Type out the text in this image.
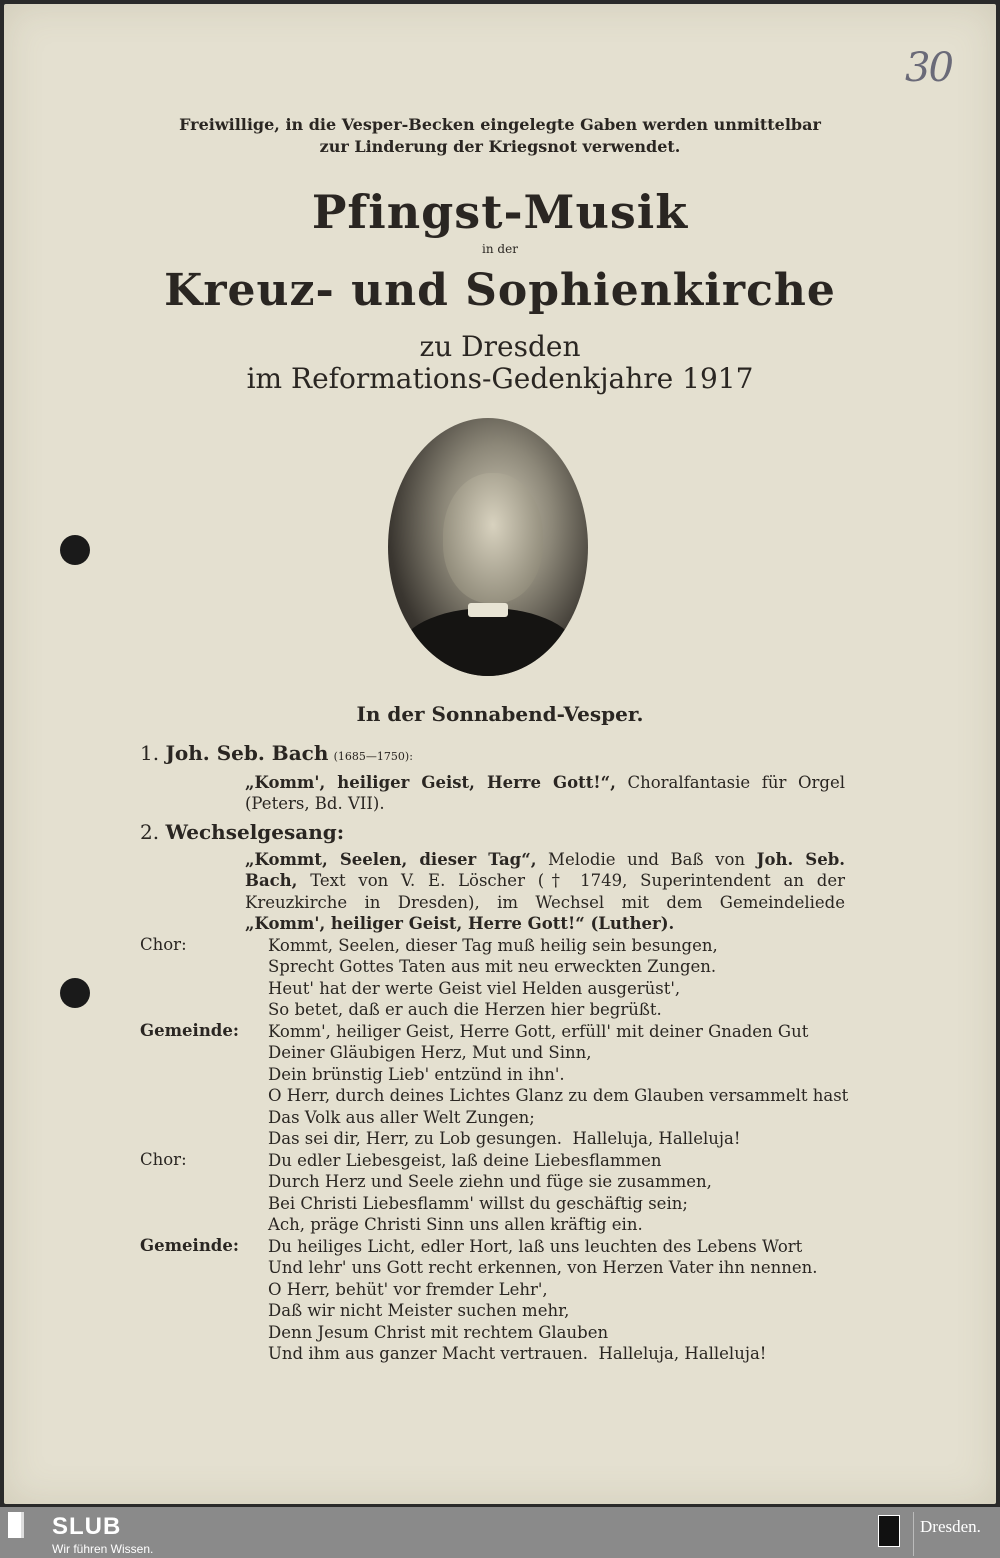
30
Freiwillige, in die Vesper-Becken eingelegte Gaben werden unmittelbar
zur Linderung der Kriegsnot verwendet.
Pfingst-Musik
in der
Kreuz- und Sophienkirche
zu Dresden
im Reformations-Gedenkjahre 1917
In der Sonnabend-Vesper.
1. Joh. Seb. Bach (1685—1750):
„Komm', heiliger Geist, Herre Gott!“, Choralfantasie für Orgel (Peters, Bd. VII).
2. Wechselgesang:
„Kommt, Seelen, dieser Tag“, Melodie und Baß von Joh. Seb. Bach, Text von V. E. Löscher († 1749, Superintendent an der Kreuzkirche in Dresden), im Wechsel mit dem Gemeindeliede „Komm', heiliger Geist, Herre Gott!“ (Luther).
Chor:	Kommt, Seelen, dieser Tag muß heilig sein besungen,
Sprecht Gottes Taten aus mit neu erweckten Zungen.
Heut' hat der werte Geist viel Helden ausgerüst',
So betet, daß er auch die Herzen hier begrüßt.
Gemeinde: Komm', heiliger Geist, Herre Gott, erfüll' mit deiner Gnaden Gut
Deiner Gläubigen Herz, Mut und Sinn,
Dein brünstig Lieb' entzünd in ihn'.
O Herr, durch deines Lichtes Glanz zu dem Glauben versammelt hast
Das Volk aus aller Welt Zungen;
Das sei dir, Herr, zu Lob gesungen.  Halleluja, Halleluja!
Chor:	Du edler Liebesgeist, laß deine Liebesflammen
Durch Herz und Seele ziehn und füge sie zusammen,
Bei Christi Liebesflamm' willst du geschäftig sein;
Ach, präge Christi Sinn uns allen kräftig ein.
Gemeinde: Du heiliges Licht, edler Hort, laß uns leuchten des Lebens Wort
Und lehr' uns Gott recht erkennen, von Herzen Vater ihn nennen.
O Herr, behüt' vor fremder Lehr',
Daß wir nicht Meister suchen mehr,
Denn Jesum Christ mit rechtem Glauben
Und ihm aus ganzer Macht vertrauen.  Halleluja, Halleluja!
SLUB
Wir führen Wissen.
Dresden.
